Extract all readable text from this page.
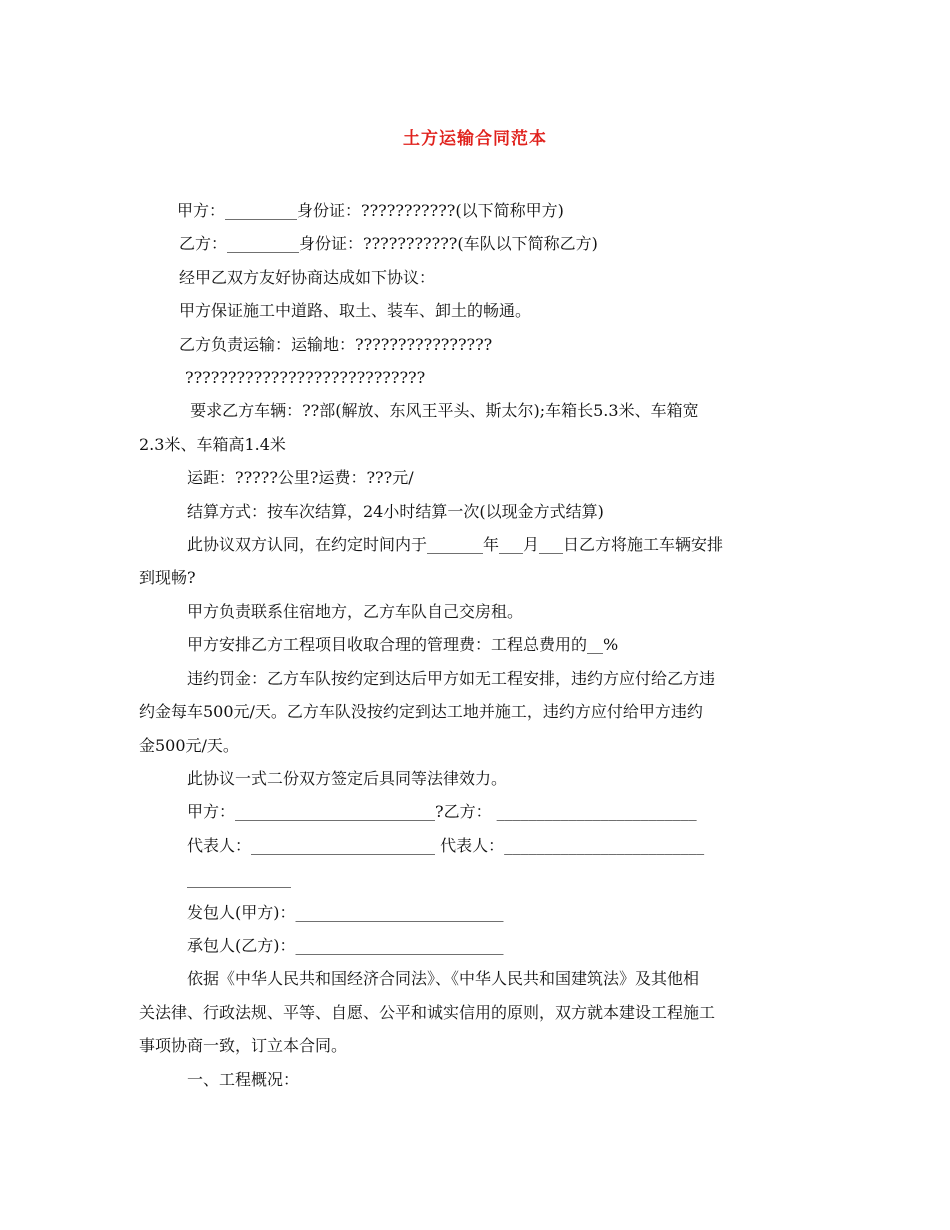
土方运输合同范本

甲方：_________身份证：???????????(以下简称甲方)

乙方：_________身份证：???????????(车队以下简称乙方)

经甲乙双方友好协商达成如下协议：

甲方保证施工中道路、取土、装车、卸土的畅通。

乙方负责运输：运输地：????????????????

????????????????????????????

要求乙方车辆：??部(解放、东风王平头、斯太尔);车箱长5.3米、车箱宽

2.3米、车箱高1.4米

运距：?????公里?运费：???元/

结算方式：按车次结算，24小时结算一次(以现金方式结算)

此协议双方认同，在约定时间内于_______年___月___日乙方将施工车辆安排

到现畅?

甲方负责联系住宿地方，乙方车队自己交房租。

甲方安排乙方工程项目收取合理的管理费：工程总费用的__%

违约罚金：乙方车队按约定到达后甲方如无工程安排，违约方应付给乙方违

约金每车500元/天。乙方车队没按约定到达工地并施工，违约方应付给甲方违约

金500元/天。

此协议一式二份双方签定后具同等法律效力。

甲方：_________________________?乙方： _________________________

代表人：_______________________ 代表人：_________________________

_____________

发包人(甲方)：__________________________

承包人(乙方)：__________________________

依据《中华人民共和国经济合同法》、《中华人民共和国建筑法》及其他相

关法律、行政法规、平等、自愿、公平和诚实信用的原则，双方就本建设工程施工

事项协商一致，订立本合同。

一、工程概况：
